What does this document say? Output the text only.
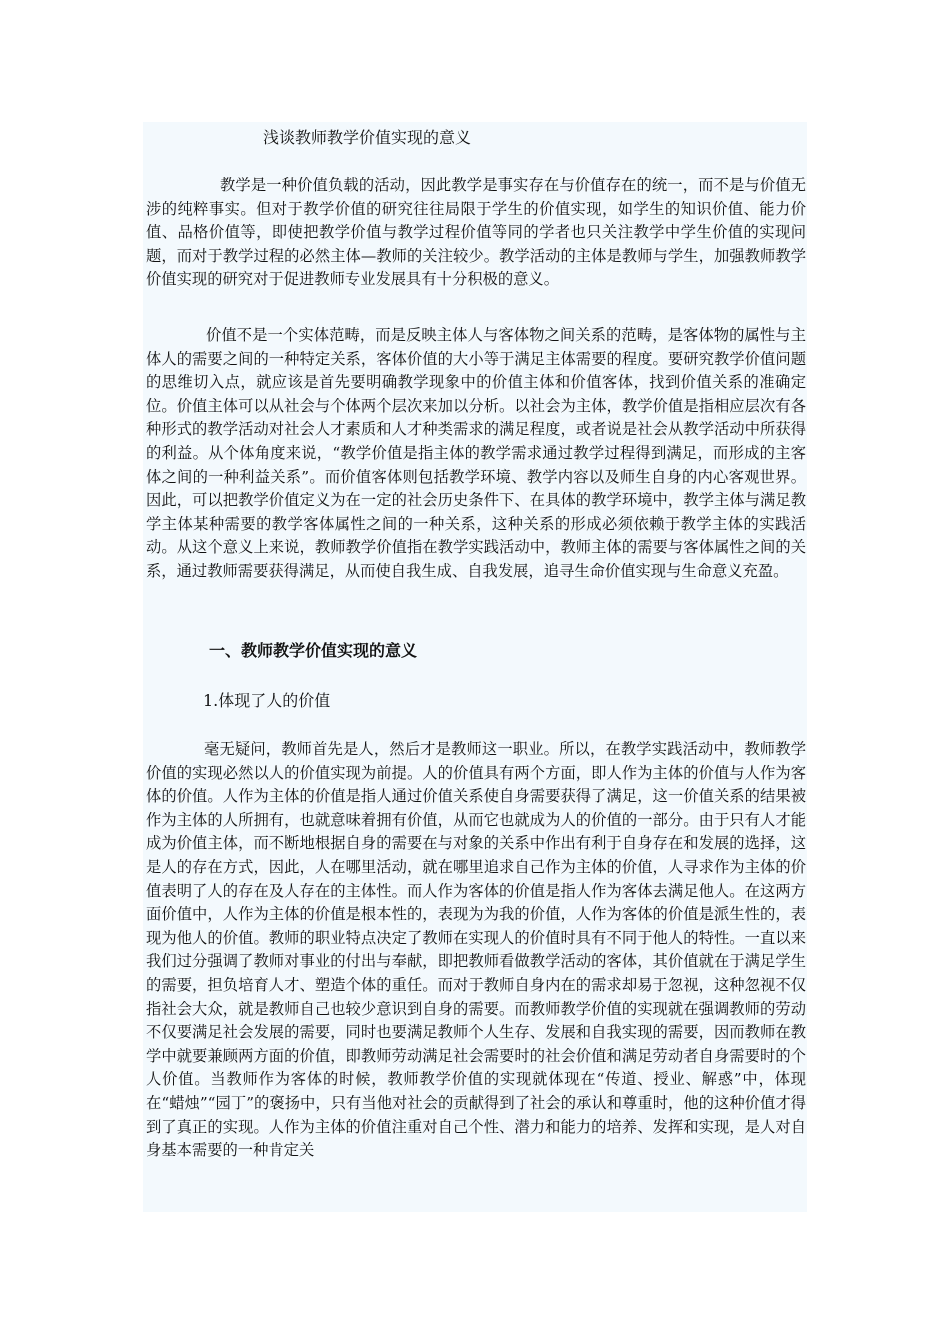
浅谈教师教学价值实现的意义

教学是一种价值负载的活动，因此教学是事实存在与价值存在的统一，而不是与价值无涉的纯粹事实。但对于教学价值的研究往往局限于学生的价值实现，如学生的知识价值、能力价值、品格价值等，即使把教学价值与教学过程价值等同的学者也只关注教学中学生价值的实现问题，而对于教学过程的必然主体—教师的关注较少。教学活动的主体是教师与学生，加强教师教学价值实现的研究对于促进教师专业发展具有十分积极的意义。

价值不是一个实体范畴，而是反映主体人与客体物之间关系的范畴，是客体物的属性与主体人的需要之间的一种特定关系，客体价值的大小等于满足主体需要的程度。要研究教学价值问题的思维切入点，就应该是首先要明确教学现象中的价值主体和价值客体，找到价值关系的准确定位。价值主体可以从社会与个体两个层次来加以分析。以社会为主体，教学价值是指相应层次有各种形式的教学活动对社会人才素质和人才种类需求的满足程度，或者说是社会从教学活动中所获得的利益。从个体角度来说，“教学价值是指主体的教学需求通过教学过程得到满足，而形成的主客体之间的一种利益关系”。而价值客体则包括教学环境、教学内容以及师生自身的内心客观世界。因此，可以把教学价值定义为在一定的社会历史条件下、在具体的教学环境中，教学主体与满足教学主体某种需要的教学客体属性之间的一种关系，这种关系的形成必须依赖于教学主体的实践活动。从这个意义上来说，教师教学价值指在教学实践活动中，教师主体的需要与客体属性之间的关系，通过教师需要获得满足，从而使自我生成、自我发展，追寻生命价值实现与生命意义充盈。

一、教师教学价值实现的意义
1.体现了人的价值

毫无疑问，教师首先是人，然后才是教师这一职业。所以，在教学实践活动中，教师教学价值的实现必然以人的价值实现为前提。人的价值具有两个方面，即人作为主体的价值与人作为客体的价值。人作为主体的价值是指人通过价值关系使自身需要获得了满足，这一价值关系的结果被作为主体的人所拥有，也就意味着拥有价值，从而它也就成为人的价值的一部分。由于只有人才能成为价值主体，而不断地根据自身的需要在与对象的关系中作出有利于自身存在和发展的选择，这是人的存在方式，因此，人在哪里活动，就在哪里追求自己作为主体的价值，人寻求作为主体的价值表明了人的存在及人存在的主体性。而人作为客体的价值是指人作为客体去满足他人。在这两方面价值中，人作为主体的价值是根本性的，表现为为我的价值，人作为客体的价值是派生性的，表现为他人的价值。教师的职业特点决定了教师在实现人的价值时具有不同于他人的特性。一直以来我们过分强调了教师对事业的付出与奉献，即把教师看做教学活动的客体，其价值就在于满足学生的需要，担负培育人才、塑造个体的重任。而对于教师自身内在的需求却易于忽视，这种忽视不仅指社会大众，就是教师自己也较少意识到自身的需要。而教师教学价值的实现就在强调教师的劳动不仅要满足社会发展的需要，同时也要满足教师个人生存、发展和自我实现的需要，因而教师在教学中就要兼顾两方面的价值，即教师劳动满足社会需要时的社会价值和满足劳动者自身需要时的个人价值。当教师作为客体的时候，教师教学价值的实现就体现在“传道、授业、解惑”中，体现在“蜡烛”“园丁”的褒扬中，只有当他对社会的贡献得到了社会的承认和尊重时，他的这种价值才得到了真正的实现。人作为主体的价值注重对自己个性、潜力和能力的培养、发挥和实现，是人对自身基本需要的一种肯定关
